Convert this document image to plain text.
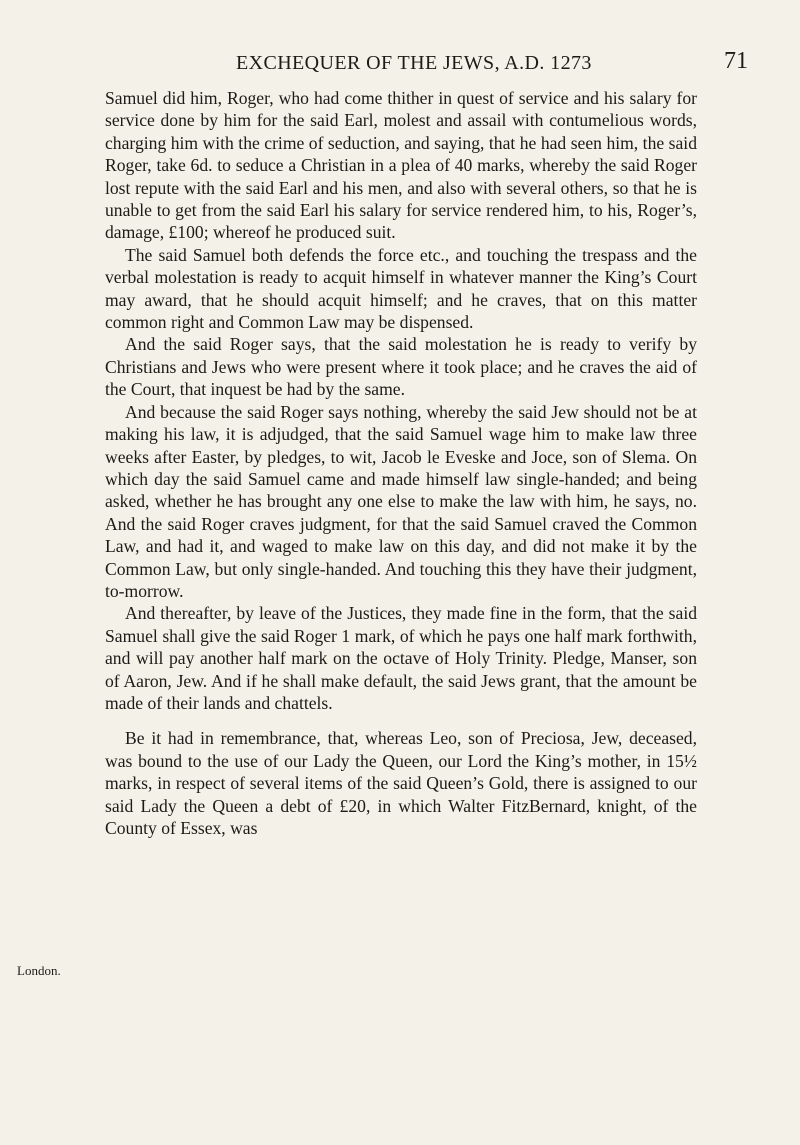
EXCHEQUER OF THE JEWS, A.D. 1273	71

Samuel did him, Roger, who had come thither in quest of service and his salary for service done by him for the said Earl, molest and assail with contumelious words, charging him with the crime of seduction, and saying, that he had seen him, the said Roger, take 6d. to seduce a Christian in a plea of 40 marks, whereby the said Roger lost repute with the said Earl and his men, and also with several others, so that he is unable to get from the said Earl his salary for service rendered him, to his, Roger’s, damage, £100; whereof he produced suit.

The said Samuel both defends the force etc., and touching the trespass and the verbal molestation is ready to acquit himself in whatever manner the King’s Court may award, that he should acquit himself; and he craves, that on this matter common right and Common Law may be dispensed.

And the said Roger says, that the said molestation he is ready to verify by Christians and Jews who were present where it took place; and he craves the aid of the Court, that inquest be had by the same.

And because the said Roger says nothing, whereby the said Jew should not be at making his law, it is adjudged, that the said Samuel wage him to make law three weeks after Easter, by pledges, to wit, Jacob le Eveske and Joce, son of Slema. On which day the said Samuel came and made himself law single-handed; and being asked, whether he has brought any one else to make the law with him, he says, no. And the said Roger craves judgment, for that the said Samuel craved the Common Law, and had it, and waged to make law on this day, and did not make it by the Common Law, but only single-handed. And touching this they have their judgment, to-morrow.

And thereafter, by leave of the Justices, they made fine in the form, that the said Samuel shall give the said Roger 1 mark, of which he pays one half mark forthwith, and will pay another half mark on the octave of Holy Trinity. Pledge, Manser, son of Aaron, Jew. And if he shall make default, the said Jews grant, that the amount be made of their lands and chattels.

Be it had in remembrance, that, whereas Leo, son of Preciosa, Jew, deceased, was bound to the use of our Lady the Queen, our Lord the King’s mother, in 15½ marks, in respect of several items of the said Queen’s Gold, there is assigned to our said Lady the Queen a debt of £20, in which Walter FitzBernard, knight, of the County of Essex, was

London.
